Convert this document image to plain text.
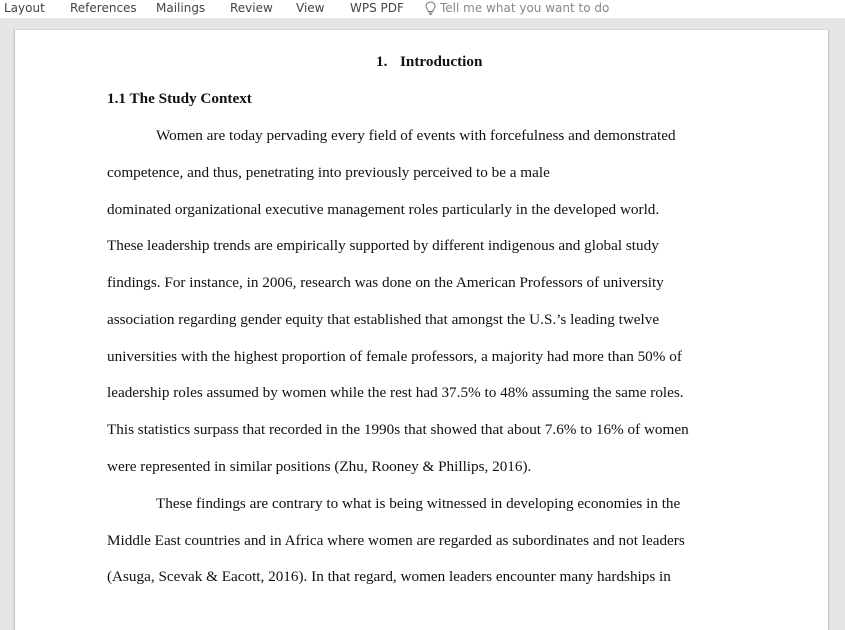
Layout References Mailings Review View WPS PDF	Tell me what you want to do
1. Introduction
1.1 The Study Context
Women are today pervading every field of events with forcefulness and demonstrated
competence, and thus, penetrating into previously perceived to be a male
dominated organizational executive management roles particularly in the developed world.
These leadership trends are empirically supported by different indigenous and global study
findings. For instance, in 2006, research was done on the American Professors of university
association regarding gender equity that established that amongst the U.S.’s leading twelve
universities with the highest proportion of female professors, a majority had more than 50% of
leadership roles assumed by women while the rest had 37.5% to 48% assuming the same roles.
This statistics surpass that recorded in the 1990s that showed that about 7.6% to 16% of women
were represented in similar positions (Zhu, Rooney & Phillips, 2016).
These findings are contrary to what is being witnessed in developing economies in the
Middle East countries and in Africa where women are regarded as subordinates and not leaders
(Asuga, Scevak & Eacott, 2016). In that regard, women leaders encounter many hardships in
